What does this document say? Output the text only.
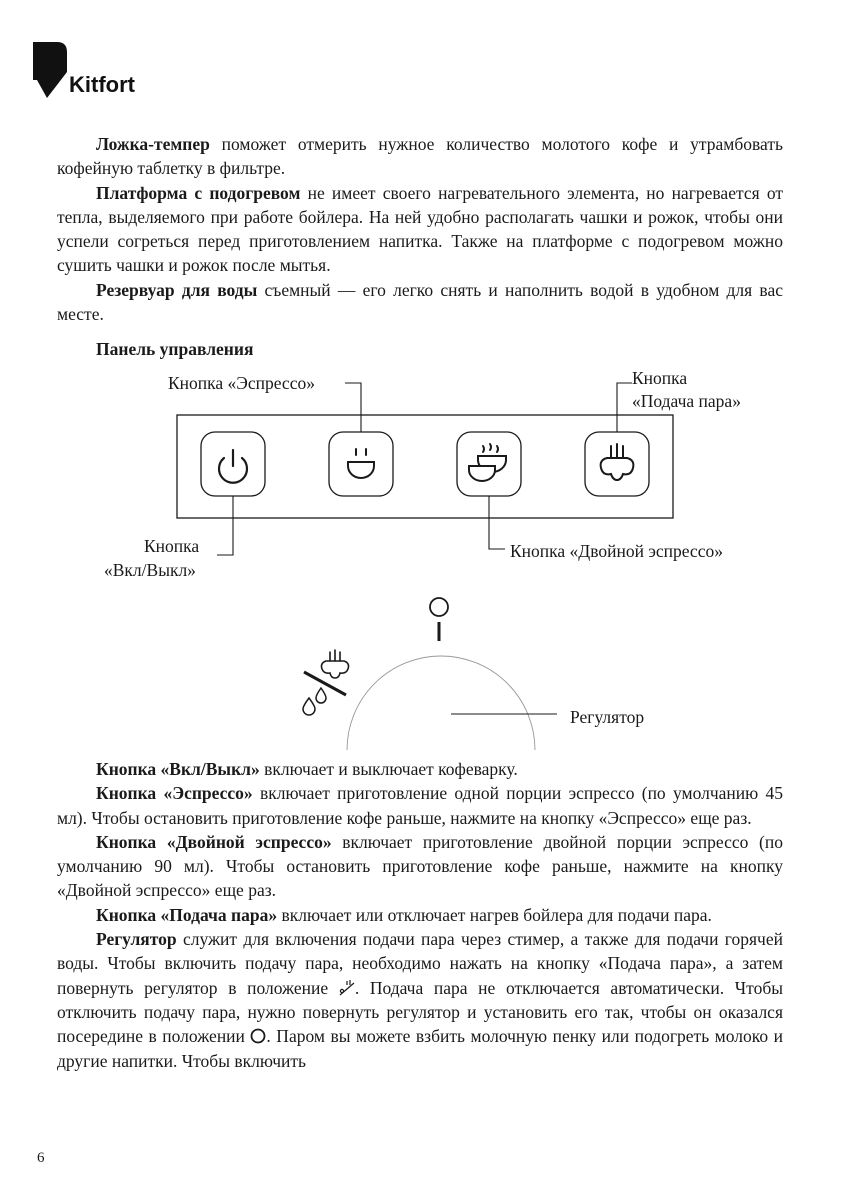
Kitfort

Ложка-темпер поможет отмерить нужное количество молотого кофе и утрамбовать кофейную таблетку в фильтре.

Платформа с подогревом не имеет своего нагревательного элемента, но нагревается от тепла, выделяемого при работе бойлера. На ней удобно располагать чашки и рожок, чтобы они успели согреться перед приготовлением напитка. Также на платформе с подогревом можно сушить чашки и рожок после мытья.

Резервуар для воды съемный — его легко снять и наполнить водой в удобном для вас месте.

Панель управления
Кнопка «Эспрессо»	Кнопка
«Подача пара»
Кнопка
«Вкл/Выкл»
Кнопка «Двойной эспрессо»
Регулятор

Кнопка «Вкл/Выкл» включает и выключает кофеварку.

Кнопка «Эспрессо» включает приготовление одной порции эспрессо (по умолчанию 45 мл). Чтобы остановить приготовление кофе раньше, нажмите на кнопку «Эспрессо» еще раз.

Кнопка «Двойной эспрессо» включает приготовление двойной порции эспрессо (по умолчанию 90 мл). Чтобы остановить приготовление кофе раньше, нажмите на кнопку «Двойной эспрессо» еще раз.

Кнопка «Подача пара» включает или отключает нагрев бойлера для подачи пара.

Регулятор служит для включения подачи пара через стимер, а также для подачи горячей воды. Чтобы включить подачу пара, необходимо нажать на кнопку «Подача пара», а затем повернуть регулятор в положение . Подача пара не отключается автоматически. Чтобы отключить подачу пара, нужно повернуть регулятор и установить его так, чтобы он оказался посередине в положении . Паром вы можете взбить молочную пенку или подогреть молоко и другие напитки. Чтобы включить

6
